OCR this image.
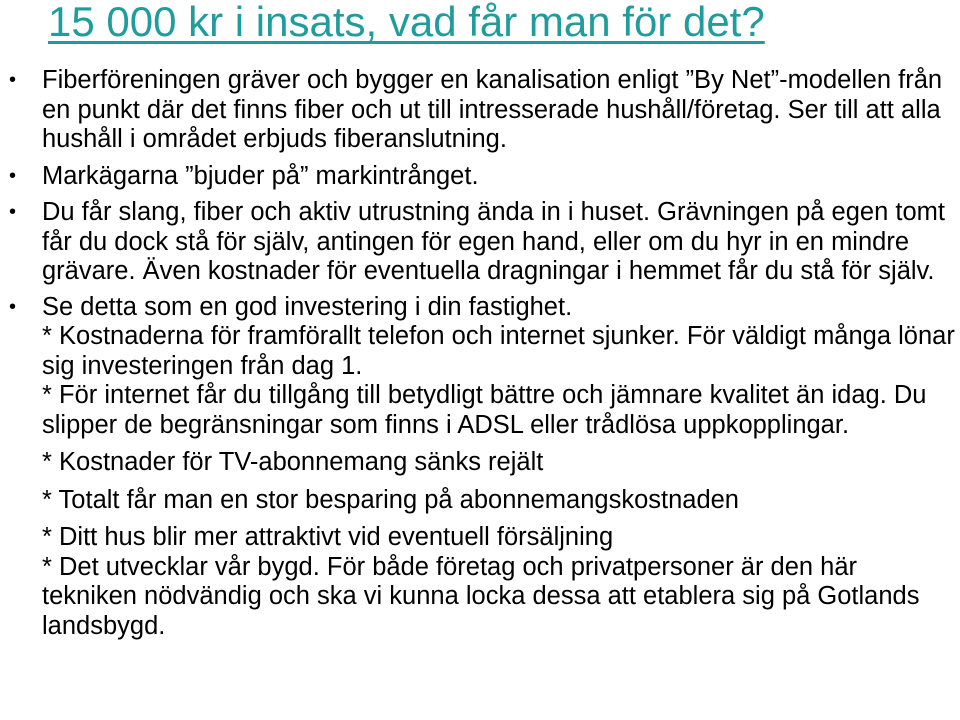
15 000 kr i insats, vad får man för det?
• Fiberföreningen gräver och bygger en kanalisation enligt ”By Net”-modellen från en punkt där det finns fiber och ut till intresserade hushåll/företag. Ser till att alla hushåll i området erbjuds fiberanslutning.
• Markägarna ”bjuder på” markintrånget.
• Du får slang, fiber och aktiv utrustning ända in i huset. Grävningen på egen tomt får du dock stå för själv, antingen för egen hand, eller om du hyr in en mindre grävare. Även kostnader för eventuella dragningar i hemmet får du stå för själv.
• Se detta som en god investering i din fastighet.
* Kostnaderna för framförallt telefon och internet sjunker. För väldigt många lönar sig investeringen från dag 1.
* För internet får du tillgång till betydligt bättre och jämnare kvalitet än idag. Du slipper de begränsningar som finns i ADSL eller trådlösa uppkopplingar.
* Kostnader för TV-abonnemang sänks rejält
* Totalt får man en stor besparing på abonnemangskostnaden
* Ditt hus blir mer attraktivt vid eventuell försäljning
* Det utvecklar vår bygd. För både företag och privatpersoner är den här tekniken nödvändig och ska vi kunna locka dessa att etablera sig på Gotlands landsbygd.
